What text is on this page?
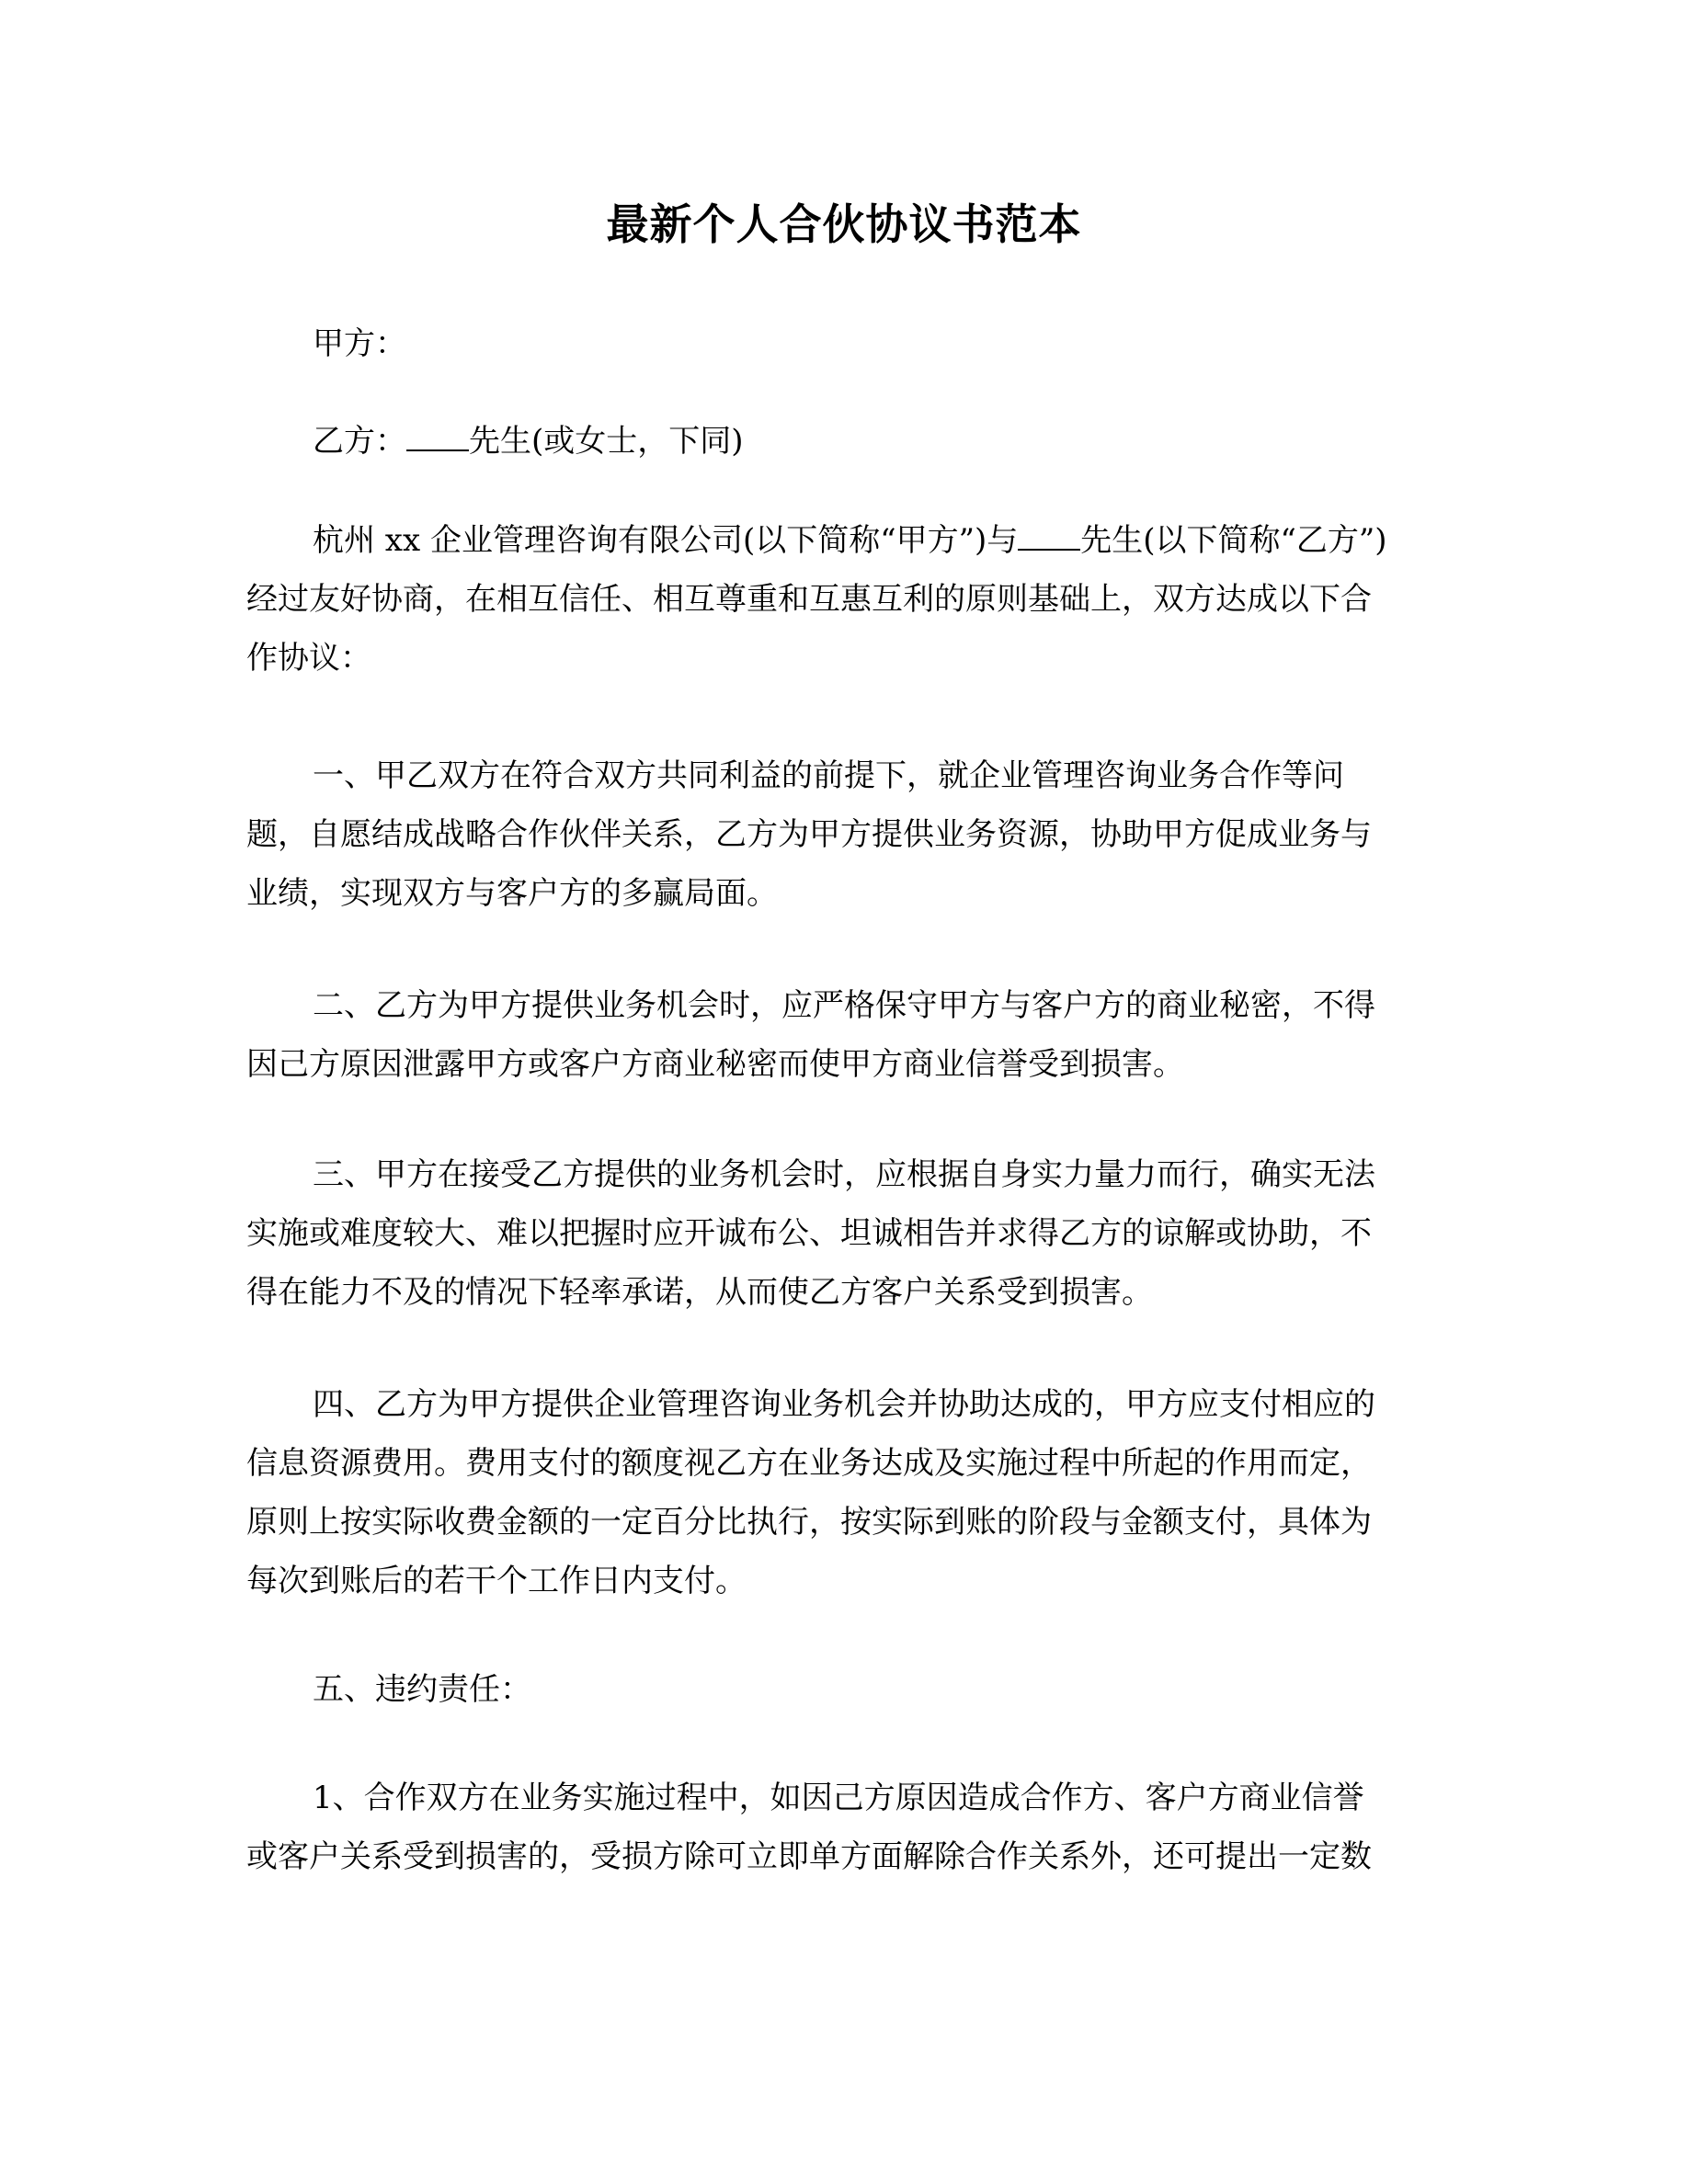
最新个人合伙协议书范本
甲方：
乙方： 先生(或女士，下同)
杭州 xx 企业管理咨询有限公司(以下简称“甲方”)与 先生(以下简称“乙方”)
经过友好协商，在相互信任、相互尊重和互惠互利的原则基础上，双方达成以下合
作协议：
一、甲乙双方在符合双方共同利益的前提下，就企业管理咨询业务合作等问
题，自愿结成战略合作伙伴关系，乙方为甲方提供业务资源，协助甲方促成业务与
业绩，实现双方与客户方的多赢局面。
二、乙方为甲方提供业务机会时，应严格保守甲方与客户方的商业秘密，不得
因己方原因泄露甲方或客户方商业秘密而使甲方商业信誉受到损害。
三、甲方在接受乙方提供的业务机会时，应根据自身实力量力而行，确实无法
实施或难度较大、难以把握时应开诚布公、坦诚相告并求得乙方的谅解或协助，不
得在能力不及的情况下轻率承诺，从而使乙方客户关系受到损害。
四、乙方为甲方提供企业管理咨询业务机会并协助达成的，甲方应支付相应的
信息资源费用。费用支付的额度视乙方在业务达成及实施过程中所起的作用而定，
原则上按实际收费金额的一定百分比执行，按实际到账的阶段与金额支付，具体为
每次到账后的若干个工作日内支付。
五、违约责任：
1、合作双方在业务实施过程中，如因己方原因造成合作方、客户方商业信誉
或客户关系受到损害的，受损方除可立即单方面解除合作关系外，还可提出一定数
